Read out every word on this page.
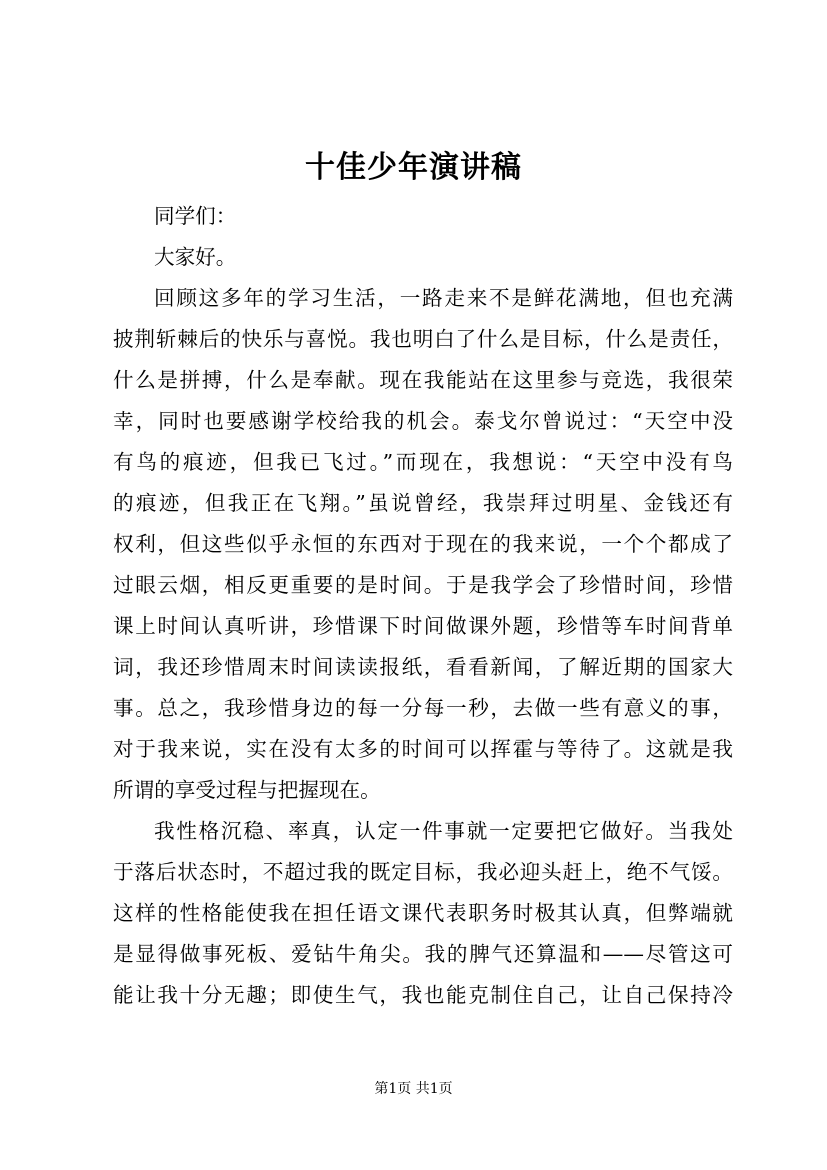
十佳少年演讲稿
同学们：
大家好。
回顾这多年的学习生活，一路走来不是鲜花满地，但也充满
披荆斩棘后的快乐与喜悦。我也明白了什么是目标，什么是责任，
什么是拼搏，什么是奉献。现在我能站在这里参与竞选，我很荣
幸，同时也要感谢学校给我的机会。泰戈尔曾说过：“天空中没
有鸟的痕迹，但我已飞过。”而现在，我想说：“天空中没有鸟
的痕迹，但我正在飞翔。”虽说曾经，我崇拜过明星、金钱还有
权利，但这些似乎永恒的东西对于现在的我来说，一个个都成了
过眼云烟，相反更重要的是时间。于是我学会了珍惜时间，珍惜
课上时间认真听讲，珍惜课下时间做课外题，珍惜等车时间背单
词，我还珍惜周末时间读读报纸，看看新闻，了解近期的国家大
事。总之，我珍惜身边的每一分每一秒，去做一些有意义的事，
对于我来说，实在没有太多的时间可以挥霍与等待了。这就是我
所谓的享受过程与把握现在。
我性格沉稳、率真，认定一件事就一定要把它做好。当我处
于落后状态时，不超过我的既定目标，我必迎头赶上，绝不气馁。
这样的性格能使我在担任语文课代表职务时极其认真，但弊端就
是显得做事死板、爱钻牛角尖。我的脾气还算温和——尽管这可
能让我十分无趣；即使生气，我也能克制住自己，让自己保持冷
第1页 共1页
